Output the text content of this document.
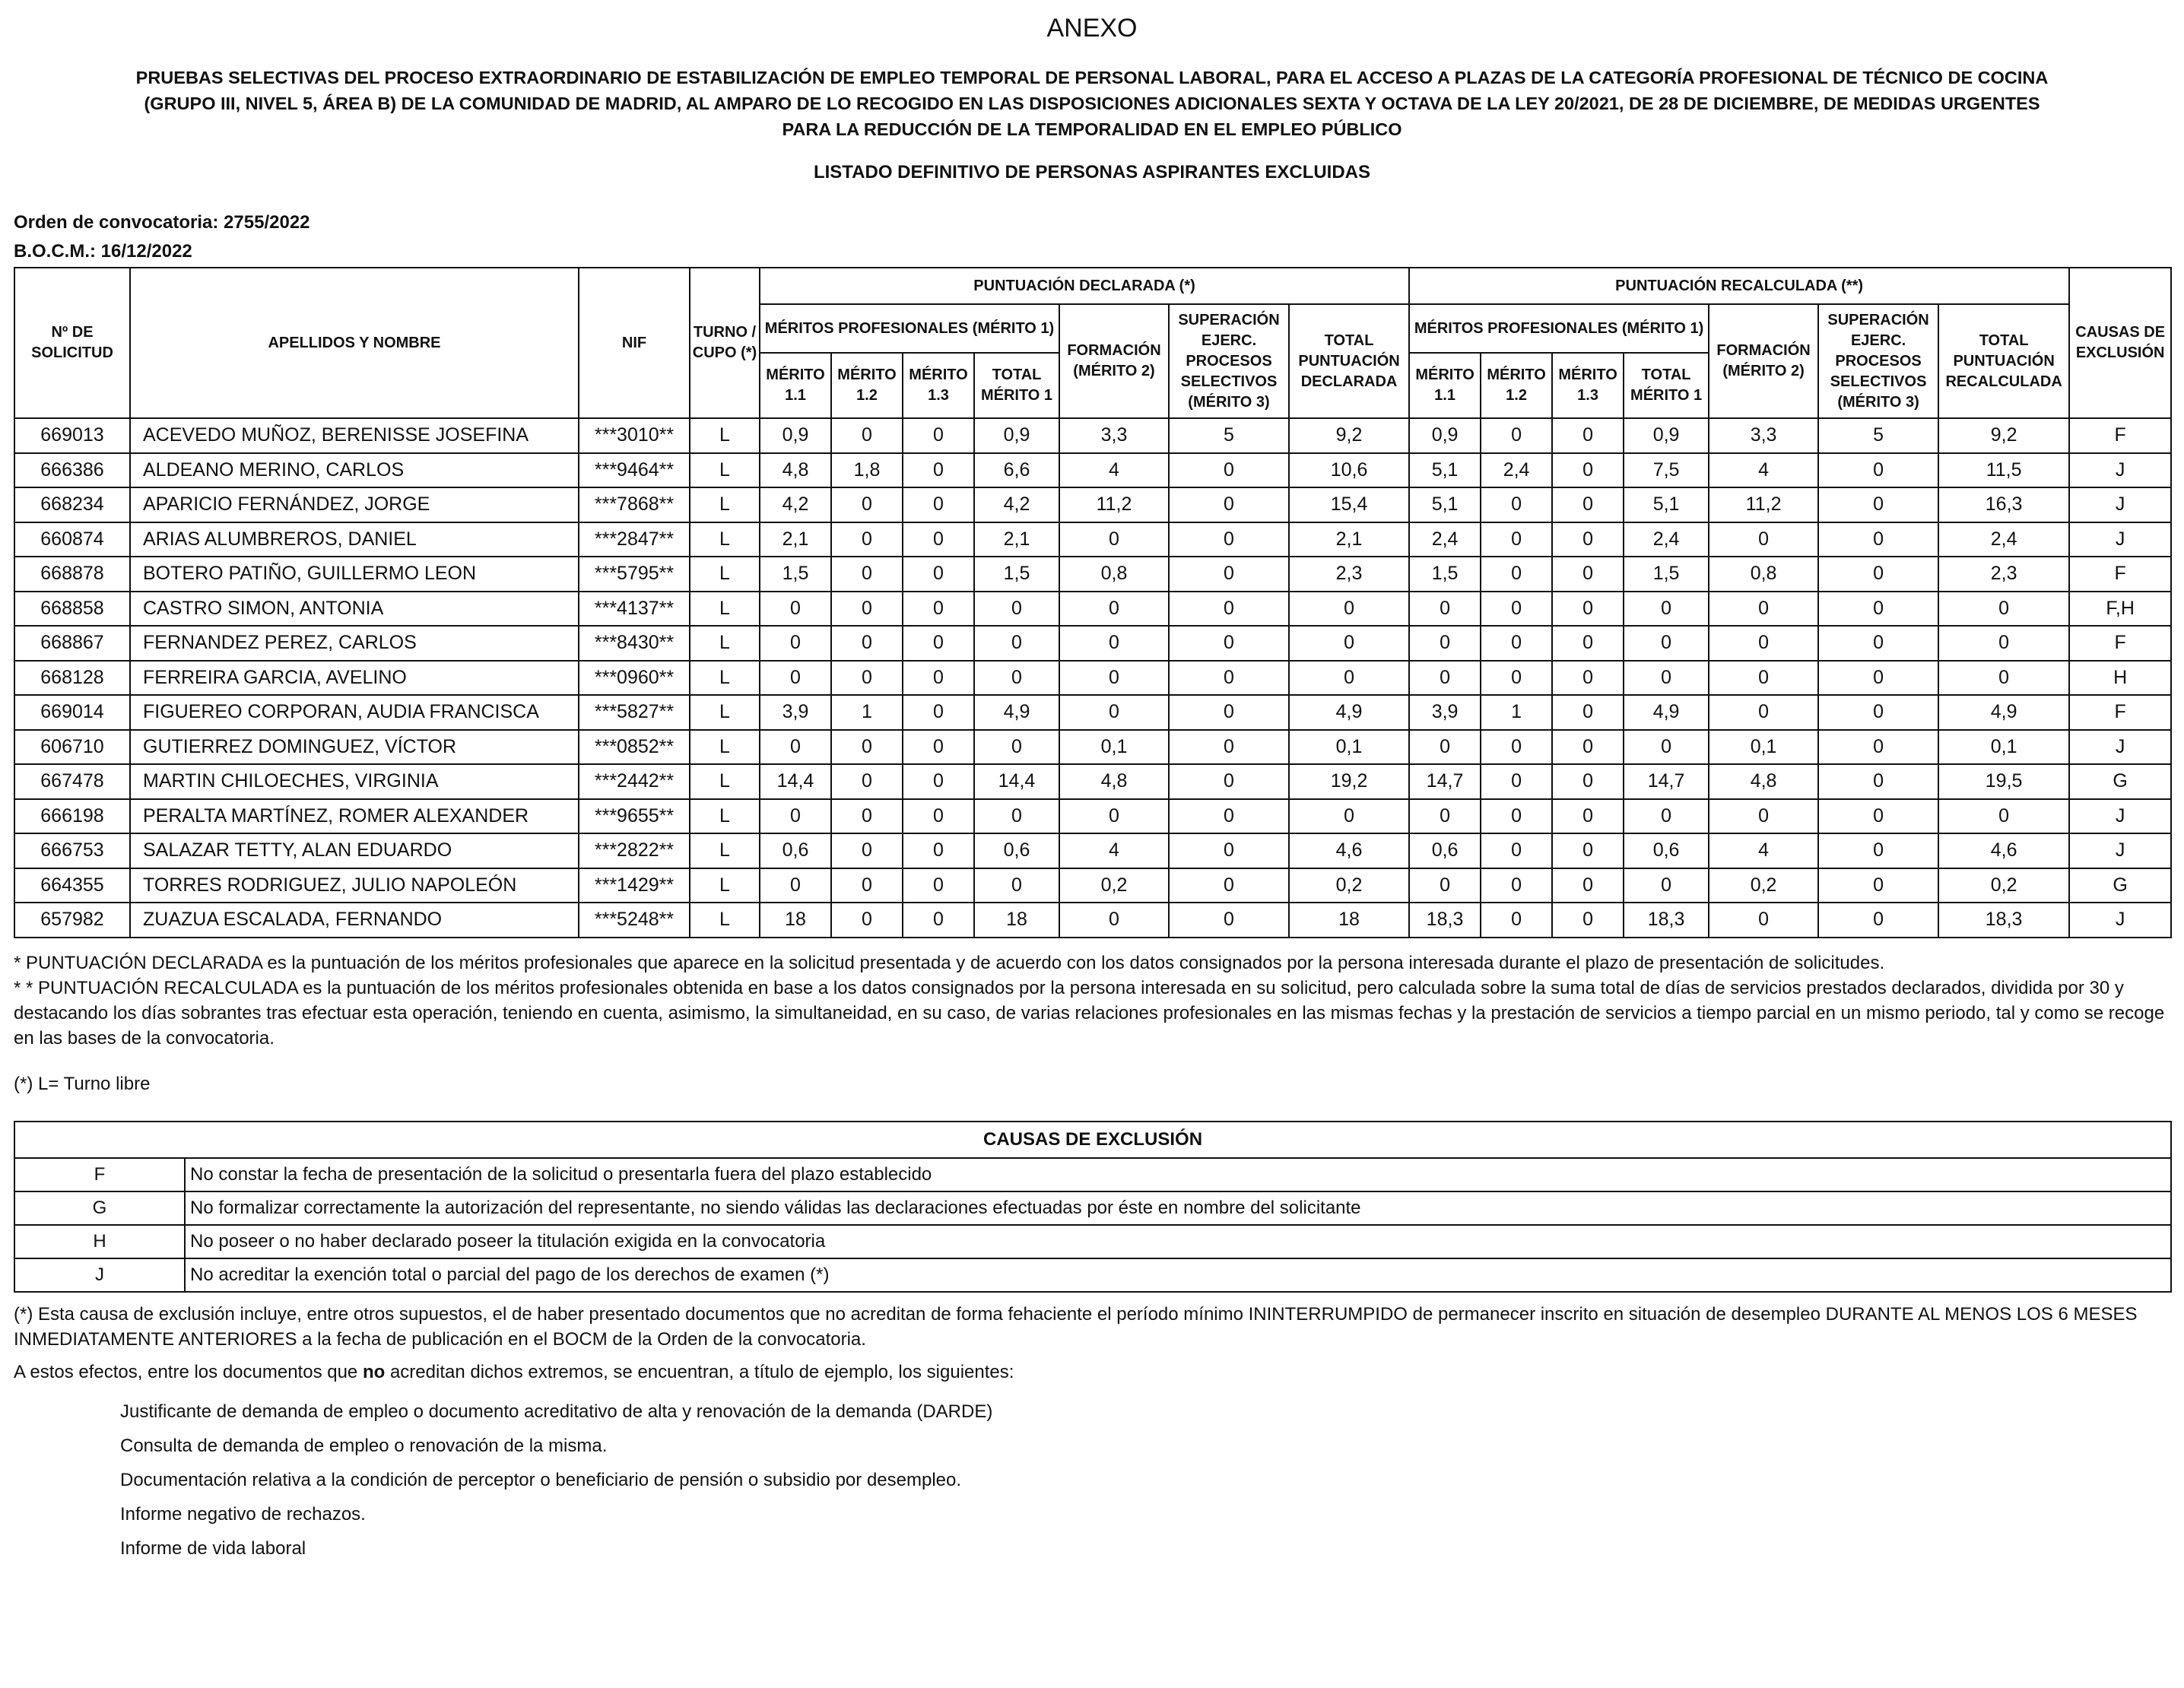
ANEXO
PRUEBAS SELECTIVAS DEL PROCESO EXTRAORDINARIO DE ESTABILIZACIÓN DE EMPLEO TEMPORAL DE PERSONAL LABORAL, PARA EL ACCESO A PLAZAS DE LA CATEGORÍA PROFESIONAL DE TÉCNICO DE COCINA
(GRUPO III, NIVEL 5, ÁREA B) DE LA COMUNIDAD DE MADRID, AL AMPARO DE LO RECOGIDO EN LAS DISPOSICIONES ADICIONALES SEXTA Y OCTAVA DE LA LEY 20/2021, DE 28 DE DICIEMBRE, DE MEDIDAS URGENTES
PARA LA REDUCCIÓN DE LA TEMPORALIDAD EN EL EMPLEO PÚBLICO
LISTADO DEFINITIVO DE PERSONAS ASPIRANTES EXCLUIDAS
Orden de convocatoria: 2755/2022
B.O.C.M.: 16/12/2022
Nº DE SOLICITUD	APELLIDOS Y NOMBRE	NIF	TURNO / CUPO (*)	PUNTUACIÓN DECLARADA (*)							PUNTUACIÓN RECALCULADA (**)							CAUSAS DE EXCLUSIÓN
				MÉRITOS PROFESIONALES (MÉRITO 1)				FORMACIÓN (MÉRITO 2)	SUPERACIÓN EJERC. PROCESOS SELECTIVOS (MÉRITO 3)	TOTAL PUNTUACIÓN DECLARADA	MÉRITOS PROFESIONALES (MÉRITO 1)				FORMACIÓN (MÉRITO 2)	SUPERACIÓN EJERC. PROCESOS SELECTIVOS (MÉRITO 3)	TOTAL PUNTUACIÓN RECALCULADA	
				MÉRITO 1.1	MÉRITO 1.2	MÉRITO 1.3	TOTAL MÉRITO 1				MÉRITO 1.1	MÉRITO 1.2	MÉRITO 1.3	TOTAL MÉRITO 1				
669013	ACEVEDO MUÑOZ, BERENISSE JOSEFINA	***3010**	L	0,9	0	0	0,9	3,3	5	9,2	0,9	0	0	0,9	3,3	5	9,2	F
666386	ALDEANO MERINO, CARLOS	***9464**	L	4,8	1,8	0	6,6	4	0	10,6	5,1	2,4	0	7,5	4	0	11,5	J
668234	APARICIO FERNÁNDEZ, JORGE	***7868**	L	4,2	0	0	4,2	11,2	0	15,4	5,1	0	0	5,1	11,2	0	16,3	J
660874	ARIAS ALUMBREROS, DANIEL	***2847**	L	2,1	0	0	2,1	0	0	2,1	2,4	0	0	2,4	0	0	2,4	J
668878	BOTERO PATIÑO, GUILLERMO LEON	***5795**	L	1,5	0	0	1,5	0,8	0	2,3	1,5	0	0	1,5	0,8	0	2,3	F
668858	CASTRO SIMON, ANTONIA	***4137**	L	0	0	0	0	0	0	0	0	0	0	0	0	0	0	F,H
668867	FERNANDEZ PEREZ, CARLOS	***8430**	L	0	0	0	0	0	0	0	0	0	0	0	0	0	0	F
668128	FERREIRA GARCIA, AVELINO	***0960**	L	0	0	0	0	0	0	0	0	0	0	0	0	0	0	H
669014	FIGUEREO CORPORAN, AUDIA FRANCISCA	***5827**	L	3,9	1	0	4,9	0	0	4,9	3,9	1	0	4,9	0	0	4,9	F
606710	GUTIERREZ DOMINGUEZ, VÍCTOR	***0852**	L	0	0	0	0	0,1	0	0,1	0	0	0	0	0,1	0	0,1	J
667478	MARTIN CHILOECHES, VIRGINIA	***2442**	L	14,4	0	0	14,4	4,8	0	19,2	14,7	0	0	14,7	4,8	0	19,5	G
666198	PERALTA MARTÍNEZ, ROMER ALEXANDER	***9655**	L	0	0	0	0	0	0	0	0	0	0	0	0	0	0	J
666753	SALAZAR TETTY, ALAN EDUARDO	***2822**	L	0,6	0	0	0,6	4	0	4,6	0,6	0	0	0,6	4	0	4,6	J
664355	TORRES RODRIGUEZ, JULIO NAPOLEÓN	***1429**	L	0	0	0	0	0,2	0	0,2	0	0	0	0	0,2	0	0,2	G
657982	ZUAZUA ESCALADA, FERNANDO	***5248**	L	18	0	0	18	0	0	18	18,3	0	0	18,3	0	0	18,3	J

* PUNTUACIÓN DECLARADA es la puntuación de los méritos profesionales que aparece en la solicitud presentada y de acuerdo con los datos consignados por la persona interesada durante el plazo de presentación de solicitudes.

* * PUNTUACIÓN RECALCULADA es la puntuación de los méritos profesionales obtenida en base a los datos consignados por la persona interesada en su solicitud, pero calculada sobre la suma total de días de servicios prestados declarados, dividida por 30 y destacando los días sobrantes tras efectuar esta operación, teniendo en cuenta, asimismo, la simultaneidad, en su caso, de varias relaciones profesionales en las mismas fechas y la prestación de servicios a tiempo parcial en un mismo periodo, tal y como se recoge en las bases de la convocatoria.

(*) L= Turno libre
CAUSAS DE EXCLUSIÓN	
F	No constar la fecha de presentación de la solicitud o presentarla fuera del plazo establecido
G	No formalizar correctamente la autorización del representante, no siendo válidas las declaraciones efectuadas por éste en nombre del solicitante
H	No poseer o no haber declarado poseer la titulación exigida en la convocatoria
J	No acreditar la exención total o parcial del pago de los derechos de examen (*)

(*) Esta causa de exclusión incluye, entre otros supuestos, el de haber presentado documentos que no acreditan de forma fehaciente el período mínimo ININTERRUMPIDO de permanecer inscrito en situación de desempleo DURANTE AL MENOS LOS 6 MESES INMEDIATAMENTE ANTERIORES a la fecha de publicación en el BOCM de la Orden de la convocatoria.

A estos efectos, entre los documentos que no acreditan dichos extremos, se encuentran, a título de ejemplo, los siguientes:

Justificante de demanda de empleo o documento acreditativo de alta y renovación de la demanda (DARDE)
Consulta de demanda de empleo o renovación de la misma.
Documentación relativa a la condición de perceptor o beneficiario de pensión o subsidio por desempleo.
Informe negativo de rechazos.
Informe de vida laboral
